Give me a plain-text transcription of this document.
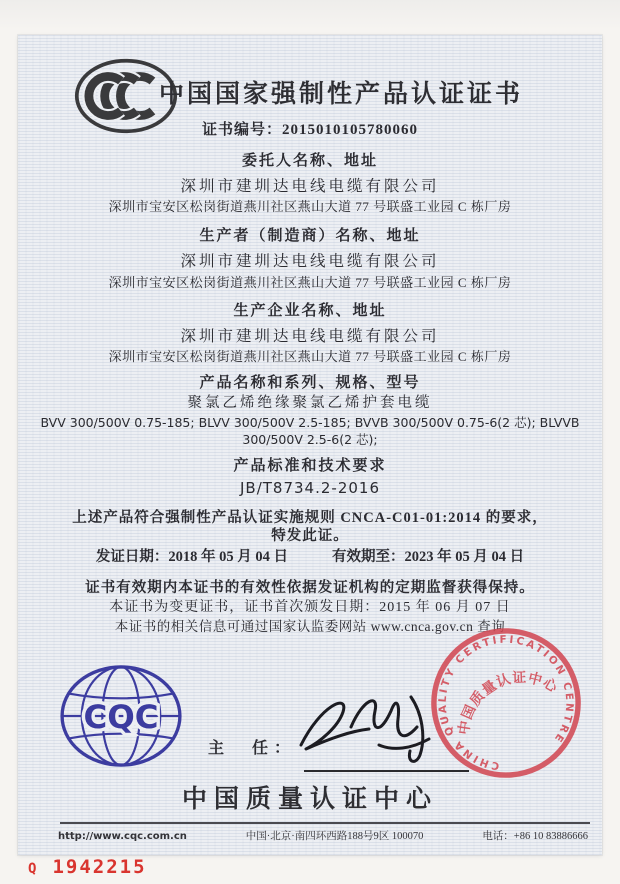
中国国家强制性产品认证证书
证书编号：2015010105780060
委托人名称、地址
深圳市建圳达电线电缆有限公司
深圳市宝安区松岗街道燕川社区燕山大道 77 号联盛工业园 C 栋厂房
生产者（制造商）名称、地址
深圳市建圳达电线电缆有限公司
深圳市宝安区松岗街道燕川社区燕山大道 77 号联盛工业园 C 栋厂房
生产企业名称、地址
深圳市建圳达电线电缆有限公司
深圳市宝安区松岗街道燕川社区燕山大道 77 号联盛工业园 C 栋厂房
产品名称和系列、规格、型号
聚氯乙烯绝缘聚氯乙烯护套电缆
BVV 300/500V 0.75-185; BLVV 300/500V 2.5-185; BVVB 300/500V 0.75-6(2 芯); BLVVB
300/500V 2.5-6(2 芯);
产品标准和技术要求
JB/T8734.2-2016
上述产品符合强制性产品认证实施规则 CNCA-C01-01:2014 的要求，
特发此证。
发证日期：2018 年 05 月 04 日	有效期至：2023 年 05 月 04 日
证书有效期内本证书的有效性依据发证机构的定期监督获得保持。
本证书为变更证书，证书首次颁发日期：2015 年 06 月 07 日
本证书的相关信息可通过国家认监委网站 www.cnca.gov.cn 查询
CQC
主　任：
CHINA QUALITY CERTIFICATION CENTRE
中国质量认证中心
中国质量认证中心
http://www.cqc.com.cn	中国·北京·南四环西路188号9区 100070	电话：+86 10 83886666
Q 1942215
